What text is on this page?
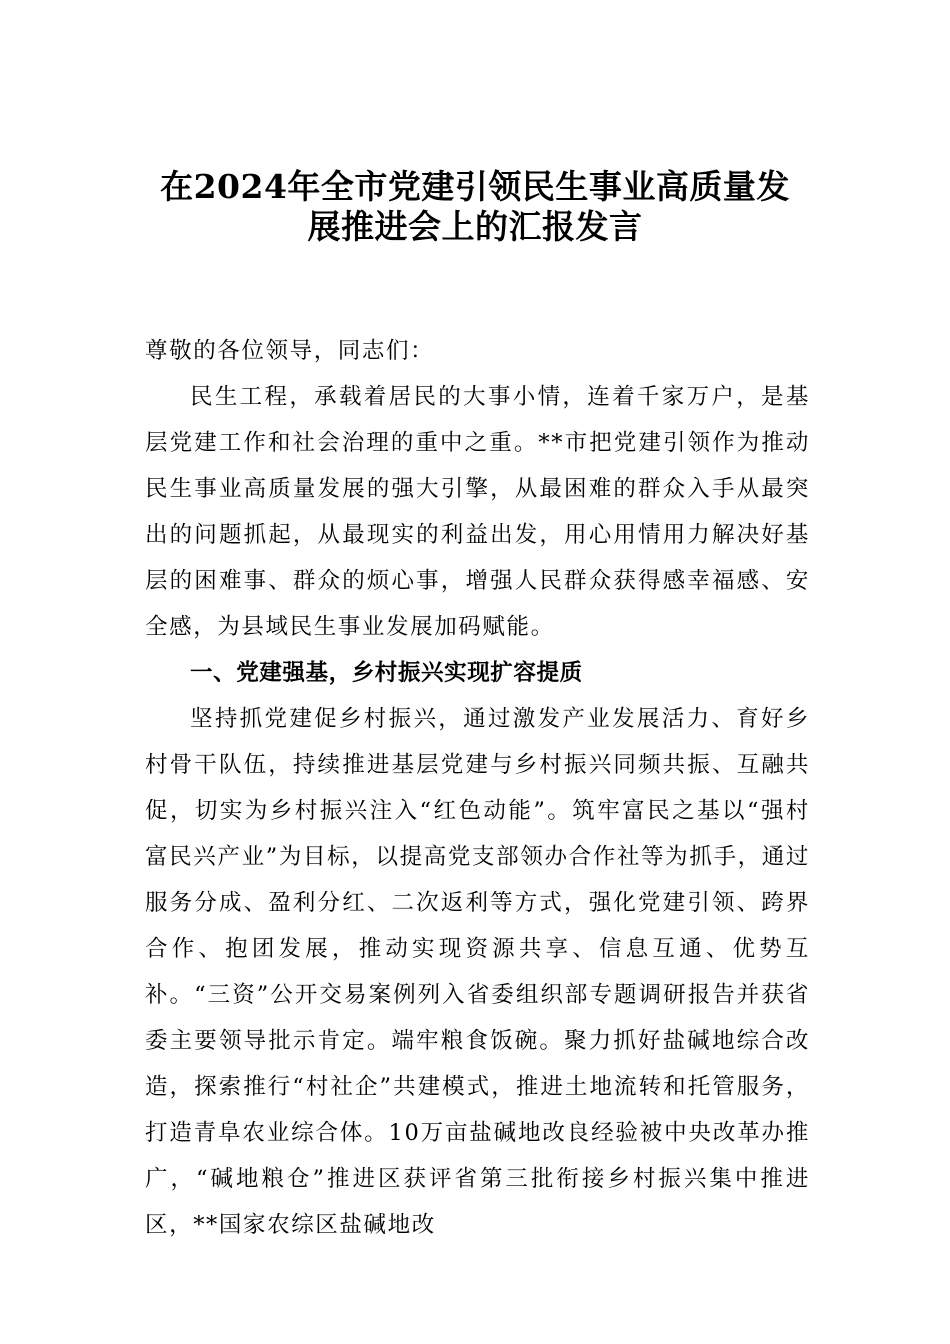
在2024年全市党建引领民生事业高质量发
展推进会上的汇报发言

尊敬的各位领导，同志们：

民生工程，承载着居民的大事小情，连着千家万户，是基层党建工作和社会治理的重中之重。**市把党建引领作为推动民生事业高质量发展的强大引擎，从最困难的群众入手从最突出的问题抓起，从最现实的利益出发，用心用情用力解决好基层的困难事、群众的烦心事，增强人民群众获得感幸福感、安全感，为县域民生事业发展加码赋能。

一、党建强基，乡村振兴实现扩容提质

坚持抓党建促乡村振兴，通过激发产业发展活力、育好乡村骨干队伍，持续推进基层党建与乡村振兴同频共振、互融共促，切实为乡村振兴注入“红色动能”。筑牢富民之基以“强村富民兴产业”为目标，以提高党支部领办合作社等为抓手，通过服务分成、盈利分红、二次返利等方式，强化党建引领、跨界合作、抱团发展，推动实现资源共享、信息互通、优势互补。“三资”公开交易案例列入省委组织部专题调研报告并获省委主要领导批示肯定。端牢粮食饭碗。聚力抓好盐碱地综合改造，探索推行“村社企”共建模式，推进土地流转和托管服务，打造青阜农业综合体。10万亩盐碱地改良经验被中央改革办推广，“碱地粮仓”推进区获评省第三批衔接乡村振兴集中推进区，**国家农综区盐碱地改
